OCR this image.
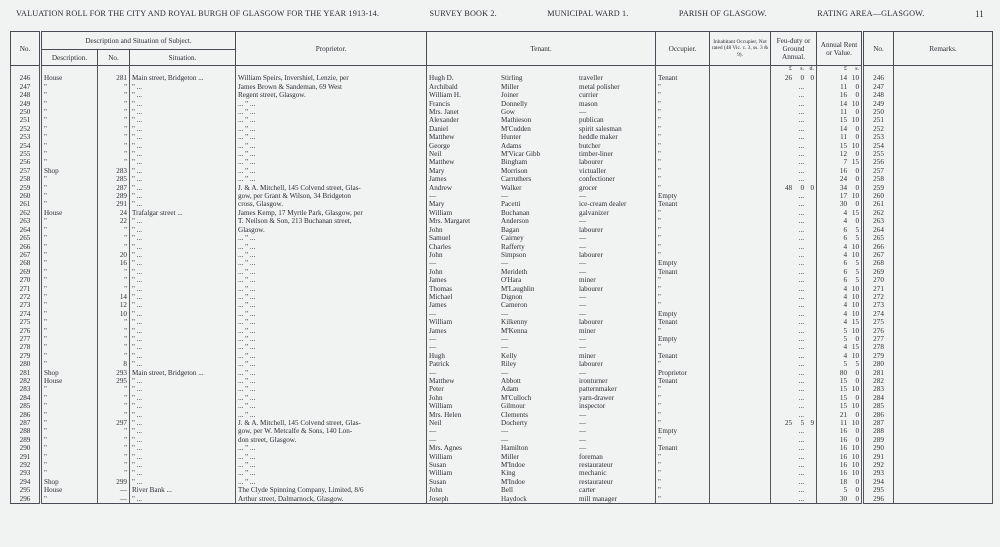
VALUATION ROLL FOR THE CITY AND ROYAL BURGH OF GLASGOW FOR THE YEAR 1913-14.	SURVEY BOOK 2.	MUNICIPAL WARD 1.	PARISH OF GLASGOW.	RATING AREA—GLASGOW.	11
No.	Description and Situation of Subject.			Proprietor.	Tenant.	Occupier.	Inhabitant Occupier, Not rated (48 Vic. c. 3, ss. 3 & 9).	Feu-duty or Ground Annual.	Annual Rent or Value.	No.	Remarks.
	Description.	No.	Situation.								

								£ s. d.	£ s.		

246	House	281	Main street, Bridgeton ...	William Speirs, Invershiel, Lenzie, per	Hugh D. Stirling traveller	Tenant		26 0 0	14 10	246	
247	"	"	" ...	James Brown & Sandeman, 69 West	Archibald Miller metal polisher	"		...	11 0	247	
248	"	"	" ...	Regent street, Glasgow.	William H. Joiner currier	"		...	16 0	248	
249	"	"	" ...	... " ...	Francis Donnelly mason	"		...	14 10	249	
250	"	"	" ...	... " ...	Mrs. Janet Gow —	"		...	11 0	250	
251	"	"	" ...	... " ...	Alexander Mathieson publican	"		...	15 10	251	
252	"	"	" ...	... " ...	Daniel M'Cudden spirit salesman	"		...	14 0	252	
253	"	"	" ...	... " ...	Matthew Hunter heddle maker	"		...	11 0	253	
254	"	"	" ...	... " ...	George Adams butcher	"		...	15 10	254	
255	"	"	" ...	... " ...	Neil M'Vicar Gibb timber-liner	"		...	12 0	255	
256	"	"	" ...	... " ...	Matthew Bingham labourer	"		...	7 15	256	
257	Shop	283	" ...	... " ...	Mary Morrison victualler	"		...	16 0	257	
258	"	285	" ...	... " ...	James Carruthers confectioner	"		...	24 0	258	
259	"	287	" ...	J. & A. Mitchell, 145 Colvend street, Glas-	Andrew Walker grocer	"		48 0 0	34 0	259	
260	"	289	" ...	gow, per Grant & Wilson, 34 Bridgeton	— — —	Empty		...	17 10	260	
261	"	291	" ...	cross, Glasgow.	Mary Pacetti ice-cream dealer	Tenant		...	30 0	261	
262	House	24	Trafalgar street ...	James Kemp, 17 Myrtle Park, Glasgow, per	William Buchanan galvanizer	"		...	4 15	262	
263	"	22	" ...	T. Neilson & Son, 213 Buchanan street,	Mrs. Margaret Anderson —	"		...	4 0	263	
264	"	"	" ...	Glasgow.	John Bagan labourer	"		...	6 5	264	
265	"	"	" ...	... " ...	Samuel Cairney —	"		...	6 5	265	
266	"	"	" ...	... " ...	Charles Rafferty —	"		...	4 10	266	
267	"	20	" ...	... " ...	John Simpson labourer	"		...	4 10	267	
268	"	16	" ...	... " ...	— — —	Empty		...	6 5	268	
269	"	"	" ...	... " ...	John Merideth —	Tenant		...	6 5	269	
270	"	"	" ...	... " ...	James O'Hara miner	"		...	6 5	270	
271	"	"	" ...	... " ...	Thomas M'Laughlin labourer	"		...	4 10	271	
272	"	14	" ...	... " ...	Michael Dignon —	"		...	4 10	272	
273	"	12	" ...	... " ...	James Cameron —	"		...	4 10	273	
274	"	10	" ...	... " ...	— — —	Empty		...	4 10	274	
275	"	"	" ...	... " ...	William Kilkenny labourer	Tenant		...	4 15	275	
276	"	"	" ...	... " ...	James M'Kenna miner	"		...	5 10	276	
277	"	"	" ...	... " ...	— — —	Empty		...	5 0	277	
278	"	"	" ...	... " ...	— — —	"		...	4 15	278	
279	"	"	" ...	... " ...	Hugh Kelly miner	Tenant		...	4 10	279	
280	"	8	" ...	... " ...	Patrick Riley labourer	"		...	5 5	280	
281	Shop	293	Main street, Bridgeton ...	... " ...	— — —	Proprietor		...	80 0	281	
282	House	295	" ...	... " ...	Matthew Abbott ironturner	Tenant		...	15 0	282	
283	"	"	" ...	... " ...	Peter Adam patternmaker	"		...	15 10	283	
284	"	"	" ...	... " ...	John M'Culloch yarn-drawer	"		...	15 0	284	
285	"	"	" ...	... " ...	William Gilmour inspector	"		...	15 10	285	
286	"	"	" ...	... " ...	Mrs. Helen Clements —	"		...	21 0	286	
287	"	297	" ...	J. & A. Mitchell, 145 Colvend street, Glas-	Neil Docherty —	"		25 5 9	11 10	287	
288	"	"	" ...	gow, per W. Metcalfe & Sons, 140 Lon-	— — —	Empty		...	16 0	288	
289	"	"	" ...	don street, Glasgow.	— — —	"		...	16 0	289	
290	"	"	" ...	... " ...	Mrs. Agnes Hamilton —	Tenant		...	16 10	290	
291	"	"	" ...	... " ...	William Miller foreman	"		...	16 10	291	
292	"	"	" ...	... " ...	Susan M'Indoe restaurateur	"		...	16 10	292	
293	"	"	" ...	... " ...	William King mechanic	"		...	16 10	293	
294	Shop	299	" ...	... " ...	Susan M'Indoe restaurateur	"		...	18 0	294	
295	House	—	River Bank ...	The Clyde Spinning Company, Limited, 8/6	John Bell carter	"		...	5 0	295	
296	"	—	" ...	Arthur street, Dalmarnock, Glasgow.	Joseph Haydock mill manager	"		...	30 0	296	
